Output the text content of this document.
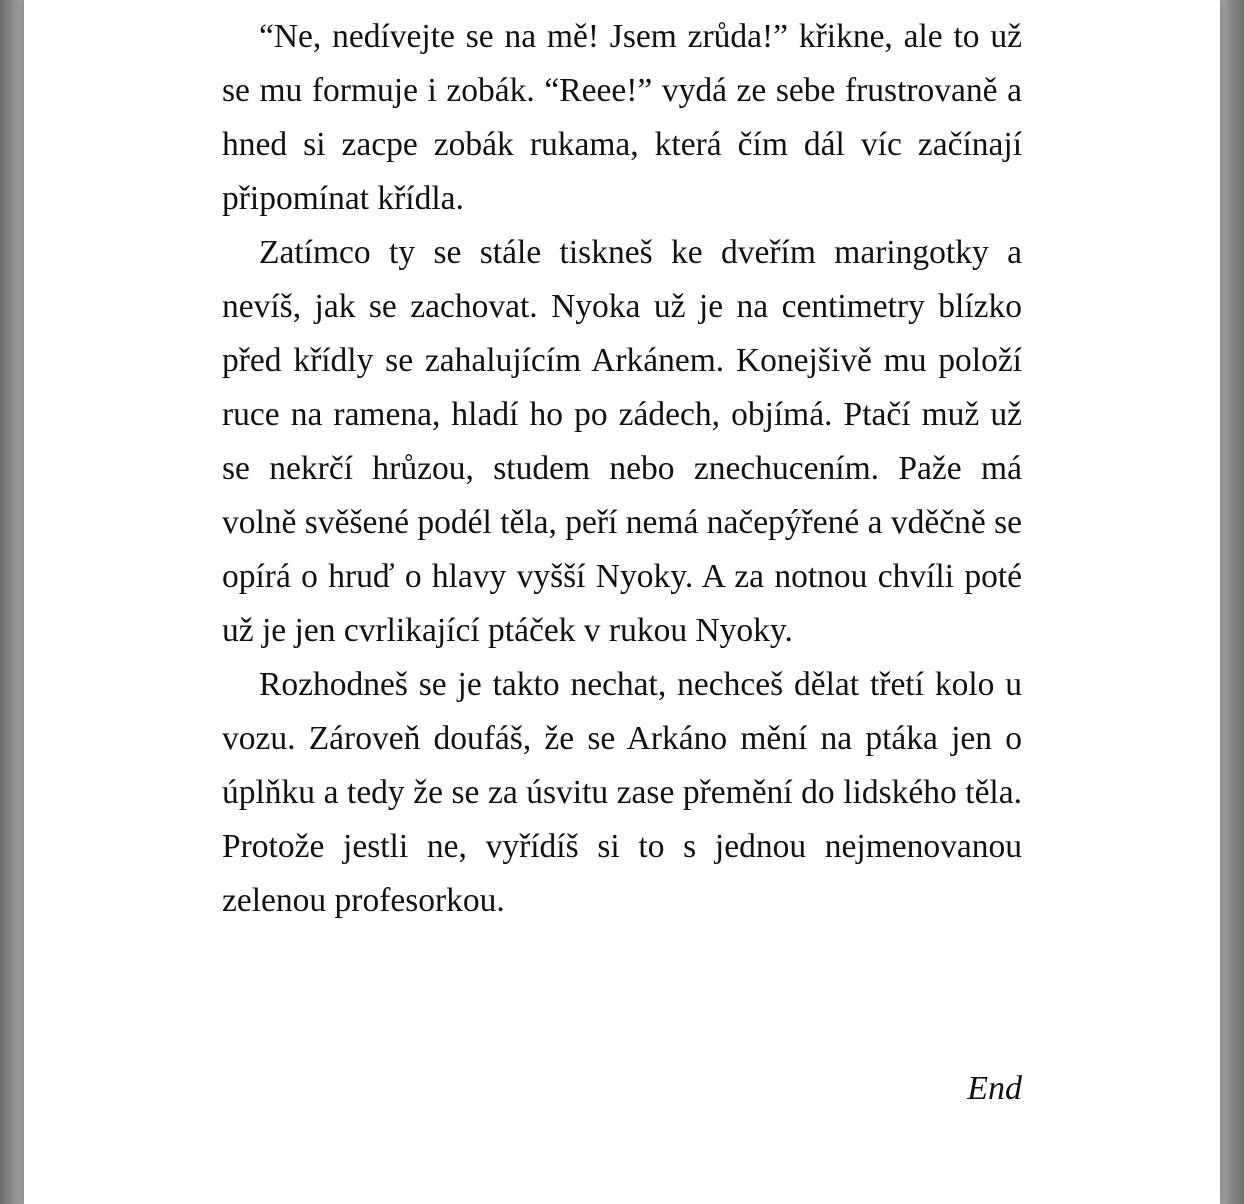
“Ne, nedívejte se na mě! Jsem zrůda!” křikne, ale to už se mu formuje i zobák. “Reee!” vydá ze sebe frustrovaně a hned si zacpe zobák rukama, která čím dál víc začínají připomínat křídla.

Zatímco ty se stále tiskneš ke dveřím maringotky a nevíš, jak se zachovat. Nyoka už je na centimetry blízko před křídly se zahalujícím Arkánem. Konejšivě mu položí ruce na ramena, hladí ho po zádech, objímá. Ptačí muž už se nekrčí hrůzou, studem nebo znechucením. Paže má volně svěšené podél těla, peří nemá načepýřené a vděčně se opírá o hruď o hlavy vyšší Nyoky. A za notnou chvíli poté už je jen cvrlikající ptáček v rukou Nyoky.

Rozhodneš se je takto nechat, nechceš dělat třetí kolo u vozu. Zároveň doufáš, že se Arkáno mění na ptáka jen o úplňku a tedy že se za úsvitu zase přemění do lidského těla. Protože jestli ne, vyřídíš si to s jednou nejmenovanou zelenou profesorkou.

End
